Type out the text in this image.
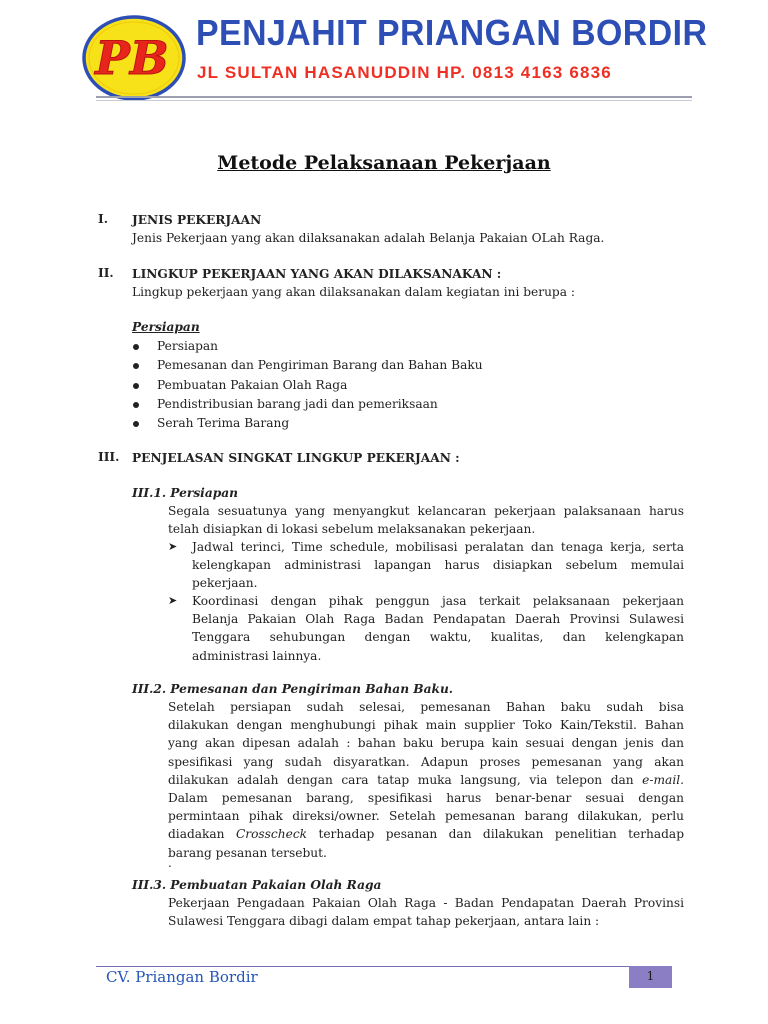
PB PENJAHIT PRIANGAN BORDIR
JL SULTAN HASANUDDIN HP. 0813 4163 6836
Metode Pelaksanaan Pekerjaan
I. JENIS PEKERJAAN
Jenis Pekerjaan yang akan dilaksanakan adalah Belanja Pakaian OLah Raga.
II. LINGKUP PEKERJAAN YANG AKAN DILAKSANAKAN :
Lingkup pekerjaan yang akan dilaksanakan dalam kegiatan ini berupa :
Persiapan
Persiapan
Pemesanan dan Pengiriman Barang dan Bahan Baku
Pembuatan Pakaian Olah Raga
Pendistribusian barang jadi dan pemeriksaan
Serah Terima Barang
III. PENJELASAN SINGKAT LINGKUP PEKERJAAN :
III.1. Persiapan
Segala sesuatunya yang menyangkut kelancaran pekerjaan palaksanaan harus
telah disiapkan di lokasi sebelum melaksanakan pekerjaan.
➤ Jadwal terinci, Time schedule, mobilisasi peralatan dan tenaga kerja, serta
kelengkapan administrasi lapangan harus disiapkan sebelum memulai
pekerjaan.
➤ Koordinasi dengan pihak penggun jasa terkait pelaksanaan pekerjaan
Belanja Pakaian Olah Raga Badan Pendapatan Daerah Provinsi Sulawesi
Tenggara sehubungan dengan waktu, kualitas, dan kelengkapan
administrasi lainnya.
III.2. Pemesanan dan Pengiriman Bahan Baku.
Setelah persiapan sudah selesai, pemesanan Bahan baku sudah bisa
dilakukan dengan menghubungi pihak main supplier Toko Kain/Tekstil. Bahan
yang akan dipesan adalah : bahan baku berupa kain sesuai dengan jenis dan
spesifikasi yang sudah disyaratkan. Adapun proses pemesanan yang akan
dilakukan adalah dengan cara tatap muka langsung, via telepon dan e-mail.
Dalam pemesanan barang, spesifikasi harus benar-benar sesuai dengan
permintaan pihak direksi/owner. Setelah pemesanan barang dilakukan, perlu
diadakan Crosscheck terhadap pesanan dan dilakukan penelitian terhadap
barang pesanan tersebut.
.
III.3. Pembuatan Pakaian Olah Raga
Pekerjaan Pengadaan Pakaian Olah Raga - Badan Pendapatan Daerah Provinsi
Sulawesi Tenggara dibagi dalam empat tahap pekerjaan, antara lain :
CV. Priangan Bordir	1
